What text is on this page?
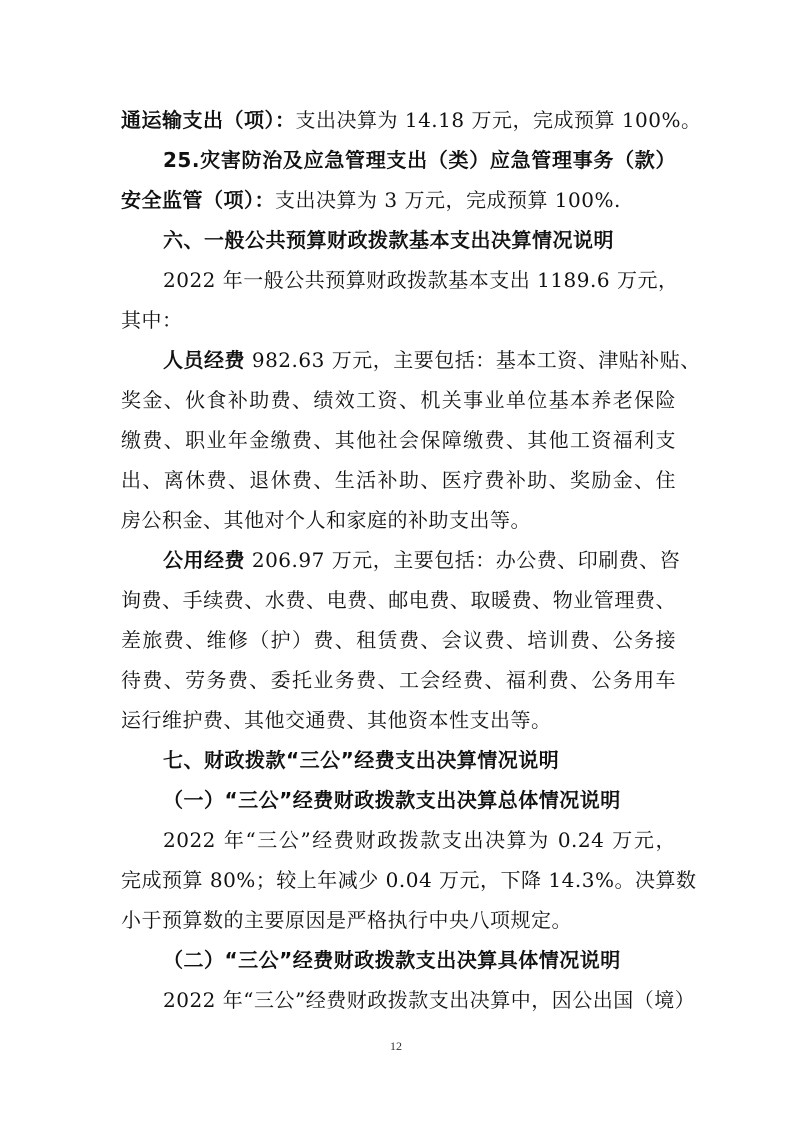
通运输支出（项）：支出决算为 14.18 万元，完成预算 100%。
25.灾害防治及应急管理支出（类）应急管理事务（款）
安全监管（项）：支出决算为 3 万元，完成预算 100%.
六、一般公共预算财政拨款基本支出决算情况说明
2022 年一般公共预算财政拨款基本支出 1189.6 万元，
其中：
人员经费 982.63 万元，主要包括：基本工资、津贴补贴、
奖金、伙食补助费、绩效工资、机关事业单位基本养老保险
缴费、职业年金缴费、其他社会保障缴费、其他工资福利支
出、离休费、退休费、生活补助、医疗费补助、奖励金、住
房公积金、其他对个人和家庭的补助支出等。
公用经费 206.97 万元，主要包括：办公费、印刷费、咨
询费、手续费、水费、电费、邮电费、取暖费、物业管理费、
差旅费、维修（护）费、租赁费、会议费、培训费、公务接
待费、劳务费、委托业务费、工会经费、福利费、公务用车
运行维护费、其他交通费、其他资本性支出等。
七、财政拨款“三公”经费支出决算情况说明
（一）“三公”经费财政拨款支出决算总体情况说明
2022 年“三公”经费财政拨款支出决算为 0.24 万元，
完成预算 80%；较上年减少 0.04 万元，下降 14.3%。决算数
小于预算数的主要原因是严格执行中央八项规定。
（二）“三公”经费财政拨款支出决算具体情况说明
2022 年“三公”经费财政拨款支出决算中，因公出国（境）
12
